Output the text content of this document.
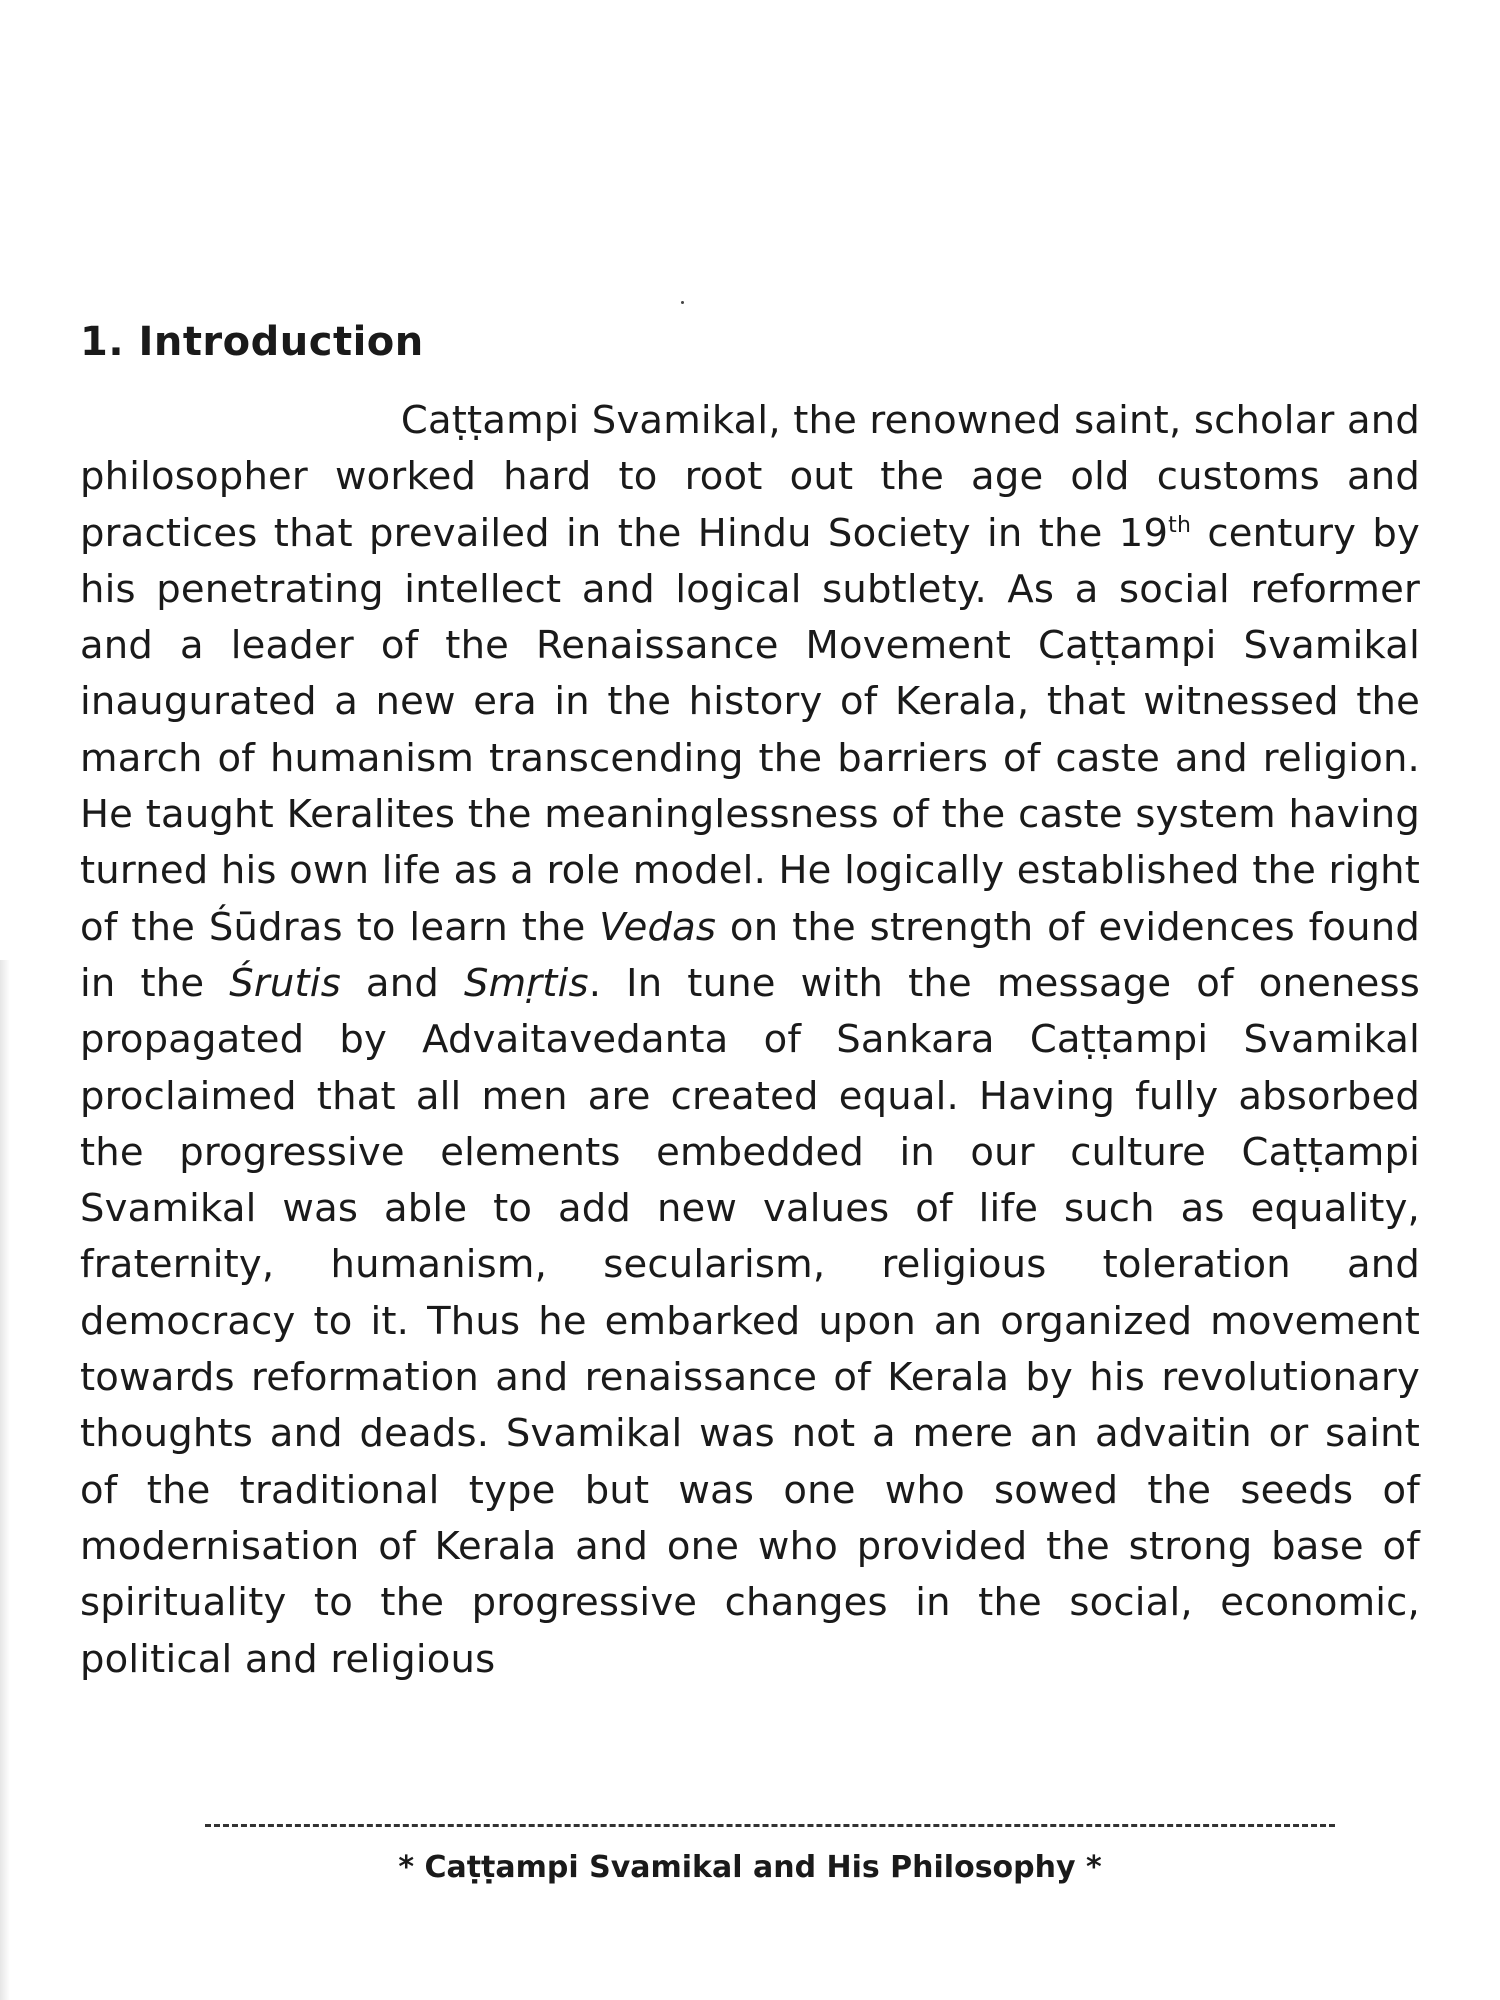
1. Introduction

Caṭṭampi Svamikal, the renowned saint, scholar and philosopher worked hard to root out the age old customs and practices that prevailed in the Hindu Society in the 19th century by his penetrating intellect and logical subtlety. As a social reformer and a leader of the Renaissance Movement Caṭṭampi Svamikal inaugurated a new era in the history of Kerala, that witnessed the march of humanism transcending the barriers of caste and religion. He taught Keralites the meaninglessness of the caste system having turned his own life as a role model. He logically established the right of the Śūdras to learn the Vedas on the strength of evidences found in the Śrutis and Smṛtis. In tune with the message of oneness propagated by Advaitavedanta of Sankara Caṭṭampi Svamikal proclaimed that all men are created equal. Having fully absorbed the progressive elements embedded in our culture Caṭṭampi Svamikal was able to add new values of life such as equality, fraternity, humanism, secularism, religious toleration and democracy to it. Thus he embarked upon an organized movement towards reformation and renaissance of Kerala by his revolutionary thoughts and deads. Svamikal was not a mere an advaitin or saint of the traditional type but was one who sowed the seeds of modernisation of Kerala and one who provided the strong base of spirituality to the progressive changes in the social, economic, political and religious

* Caṭṭampi Svamikal and His Philosophy *
